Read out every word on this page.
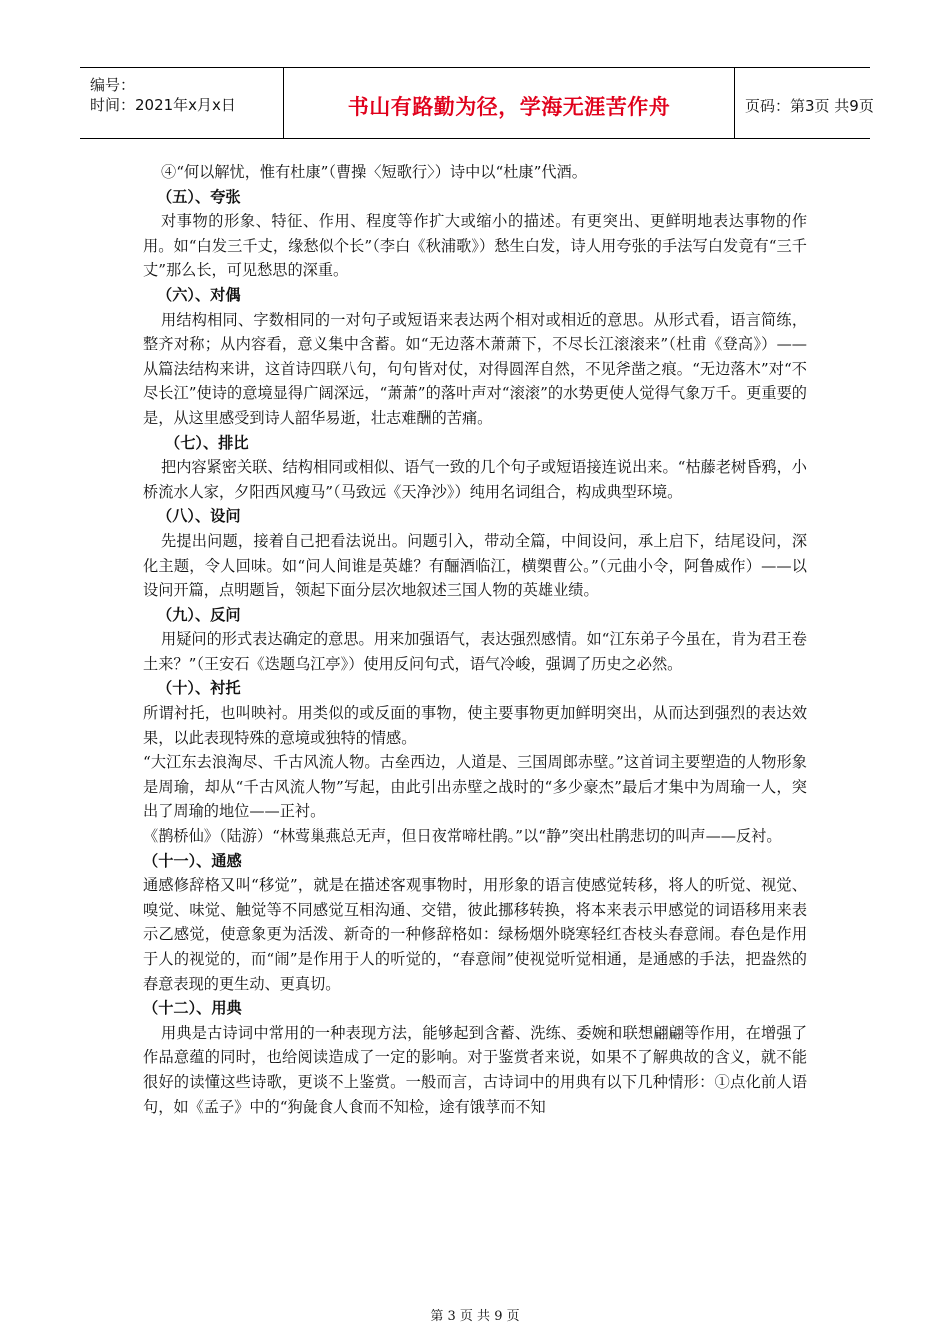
编号：
时间：2021年x月x日	书山有路勤为径，学海无涯苦作舟	页码：第3页 共9页

④“何以解忧，惟有杜康”（曹操〈短歌行〉）诗中以“杜康”代酒。

（五）、夸张

对事物的形象、特征、作用、程度等作扩大或缩小的描述。有更突出、更鲜明地表达事物的作用。如“白发三千丈，缘愁似个长”（李白《秋浦歌》）愁生白发，诗人用夸张的手法写白发竟有“三千丈”那么长，可见愁思的深重。

（六）、对偶

用结构相同、字数相同的一对句子或短语来表达两个相对或相近的意思。从形式看，语言简练，整齐对称；从内容看，意义集中含蓄。如“无边落木萧萧下，不尽长江滚滚来”（杜甫《登高》）——从篇法结构来讲，这首诗四联八句，句句皆对仗，对得圆浑自然，不见斧凿之痕。“无边落木”对“不尽长江”使诗的意境显得广阔深远，“萧萧”的落叶声对“滚滚”的水势更使人觉得气象万千。更重要的是，从这里感受到诗人韶华易逝，壮志难酬的苦痛。

（七）、排比

把内容紧密关联、结构相同或相似、语气一致的几个句子或短语接连说出来。“枯藤老树昏鸦，小桥流水人家，夕阳西风瘦马”（马致远《天净沙》）纯用名词组合，构成典型环境。

（八）、设问

先提出问题，接着自己把看法说出。问题引入，带动全篇，中间设问，承上启下，结尾设问，深化主题，令人回味。如“问人间谁是英雄？有酾酒临江，横槊曹公。”（元曲小令，阿鲁威作）——以设问开篇，点明题旨，领起下面分层次地叙述三国人物的英雄业绩。

（九）、反问

用疑问的形式表达确定的意思。用来加强语气，表达强烈感情。如“江东弟子今虽在，肯为君王卷土来？”（王安石《迭题乌江亭》）使用反问句式，语气冷峻，强调了历史之必然。

（十）、衬托

所谓衬托，也叫映衬。用类似的或反面的事物，使主要事物更加鲜明突出，从而达到强烈的表达效果，以此表现特殊的意境或独特的情感。

“大江东去浪淘尽、千古风流人物。古垒西边，人道是、三国周郎赤壁。”这首词主要塑造的人物形象是周瑜，却从“千古风流人物”写起，由此引出赤壁之战时的“多少豪杰”最后才集中为周瑜一人，突出了周瑜的地位——正衬。

《鹊桥仙》（陆游）“林莺巢燕总无声，但日夜常啼杜鹃。”以“静”突出杜鹃悲切的叫声——反衬。

（十一）、通感

通感修辞格又叫“移觉”，就是在描述客观事物时，用形象的语言使感觉转移，将人的听觉、视觉、嗅觉、味觉、触觉等不同感觉互相沟通、交错，彼此挪移转换，将本来表示甲感觉的词语移用来表示乙感觉，使意象更为活泼、新奇的一种修辞格如：绿杨烟外晓寒轻红杏枝头春意闹。春色是作用于人的视觉的，而“闹”是作用于人的听觉的，“春意闹”使视觉听觉相通，是通感的手法，把盎然的春意表现的更生动、更真切。

（十二）、用典

用典是古诗词中常用的一种表现方法，能够起到含蓄、洗练、委婉和联想翩翩等作用，在增强了作品意蕴的同时，也给阅读造成了一定的影响。对于鉴赏者来说，如果不了解典故的含义，就不能很好的读懂这些诗歌，更谈不上鉴赏。一般而言，古诗词中的用典有以下几种情形：①点化前人语句，如《孟子》中的“狗彘食人食而不知检，途有饿莩而不知

第 3 页 共 9 页
